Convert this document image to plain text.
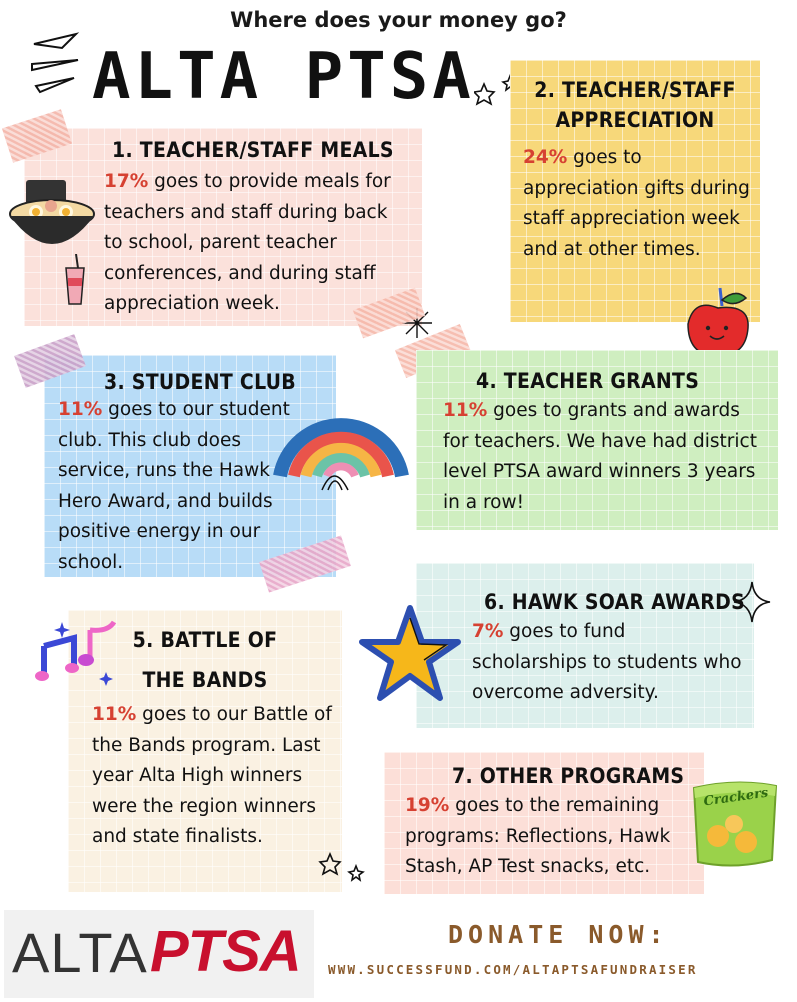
Where does your money go?
ALTA PTSA
1. TEACHER/STAFF MEALS
17% goes to provide meals for teachers and staff during back to school, parent teacher conferences, and during staff appreciation week.
2. TEACHER/STAFF
APPRECIATION
24% goes to appreciation gifts during staff appreciation week and at other times.
3. STUDENT CLUB
11% goes to our student club. This club does service, runs the Hawk Hero Award, and builds positive energy in our school.
4. TEACHER GRANTS
11% goes to grants and awards for teachers. We have had district level PTSA award winners 3 years in a row!
6. HAWK SOAR AWARDS
7% goes to fund scholarships to students who overcome adversity.
5. BATTLE OF
THE BANDS
11% goes to our Battle of the Bands program. Last year Alta High winners were the region winners and state finalists.
7. OTHER PROGRAMS
19% goes to the remaining programs: Reflections, Hawk Stash, AP Test snacks, etc.
Crackers
ALTA PTSA	DONATE NOW:
WWW.SUCCESSFUND.COM/ALTAPTSAFUNDRAISER
